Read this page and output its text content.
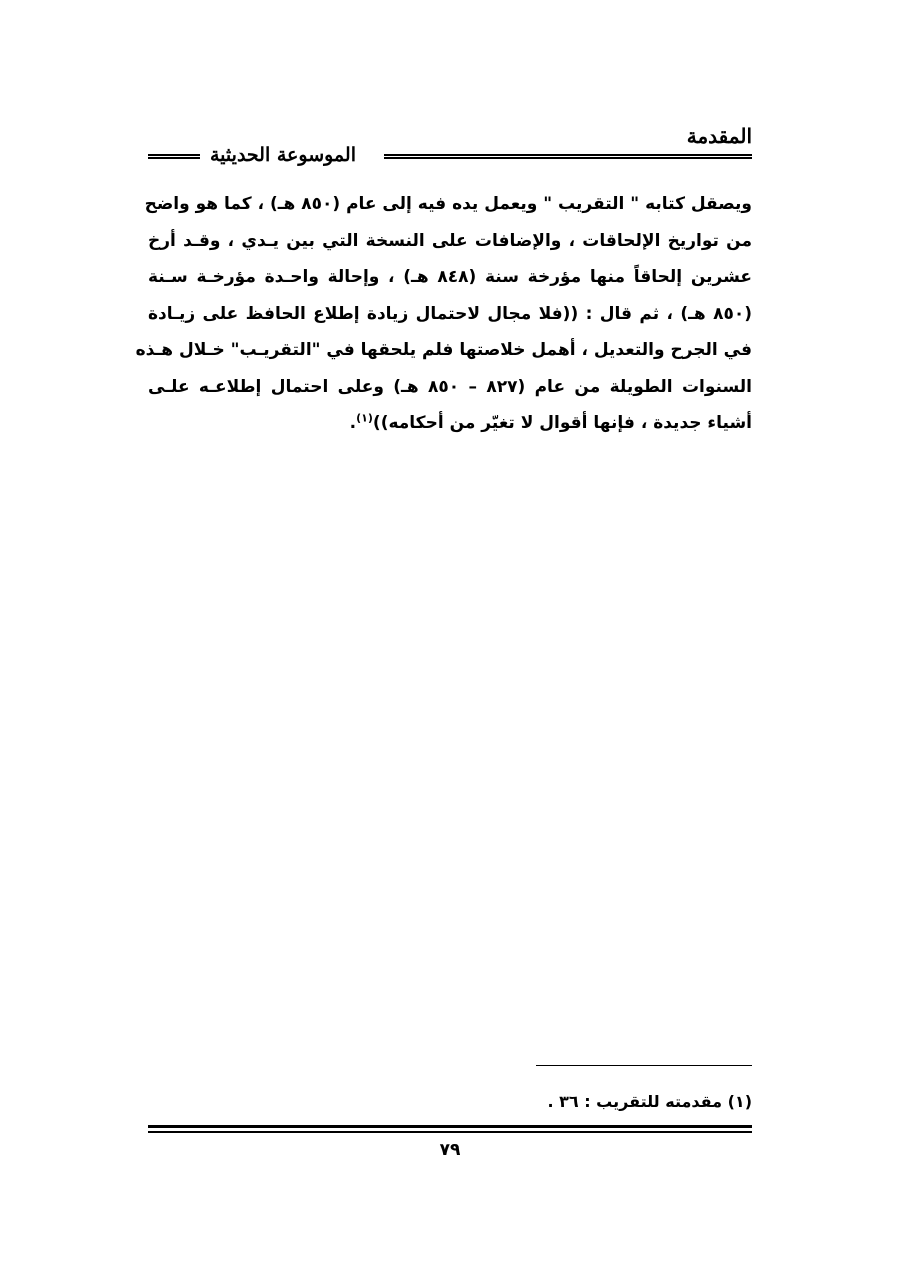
المقدمة
الموسوعة الحديثية
ويصقل كتابه " التقريب " ويعمل يده فيه إلى عام (٨٥٠ هـ) ، كما هو واضح
من تواريخ الإلحاقات ، والإضافات على النسخة التي بين يـدي ، وقـد أرخ
عشرين إلحاقاً منها مؤرخة سنة (٨٤٨ هـ) ، وإحالة واحـدة مؤرخـة سـنة
(٨٥٠ هـ) ، ثم قال : ((فلا مجال لاحتمال زيادة إطلاع الحافظ على زيـادة
في الجرح والتعديل ، أهمل خلاصتها فلم يلحقها في "التقريـب" خـلال هـذه
السنوات الطويلة من عام (٨٢٧ – ٨٥٠ هـ) وعلى احتمال إطلاعـه علـى
أشياء جديدة ، فإنها أقوال لا تغيّر من أحكامه))$^{(١)}$.
(١) مقدمته للتقريب : ٣٦ .
٧٩
